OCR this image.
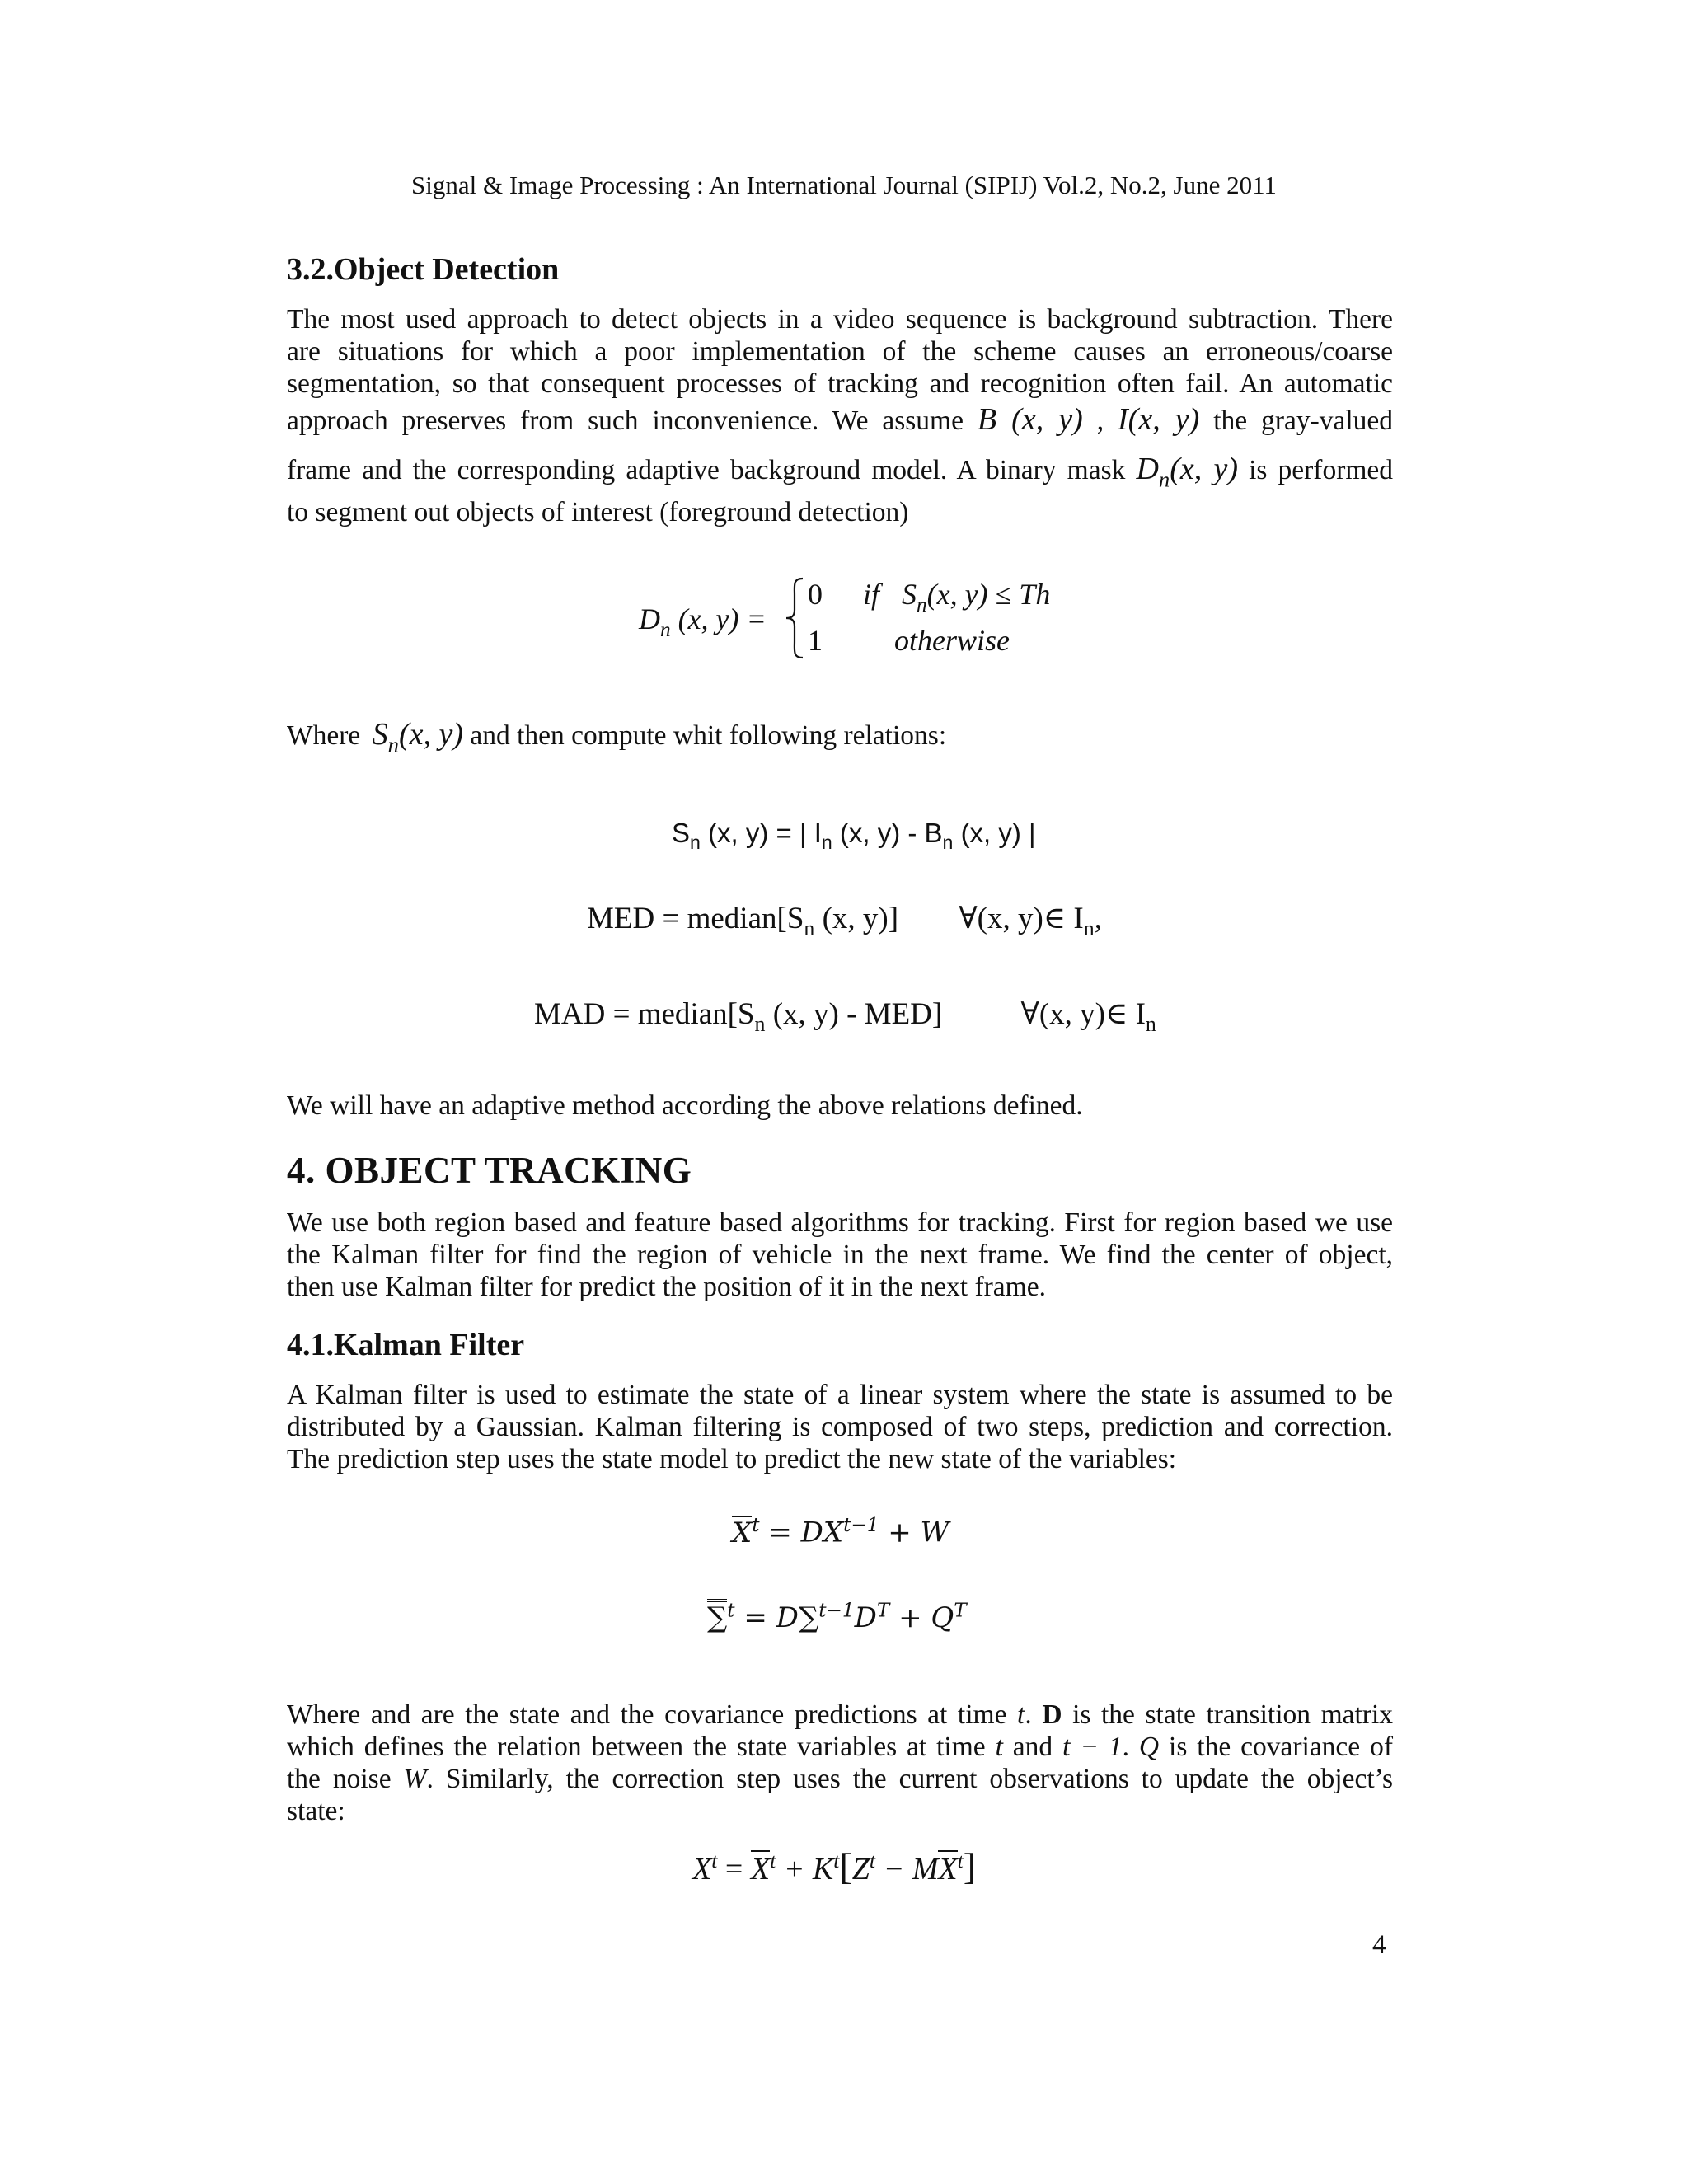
Signal & Image Processing : An International Journal (SIPIJ) Vol.2, No.2, June 2011
3.2.Object Detection
The most used approach to detect objects in a video sequence is background subtraction. There
are situations for which a poor implementation of the scheme causes an erroneous/coarse
segmentation, so that consequent processes of tracking and recognition often fail. An automatic
approach preserves from such inconvenience. We assume B (x, y) , I(x, y) the gray-valued
frame and the corresponding adaptive background model. A binary mask $D_n(x$, y) is performed
to segment out objects of interest (foreground detection)
$D_n$ (x, y) =
0 if $S_n(x$, y) ≤ Th
1 otherwise
Where $S_n(x$, y) and then compute whit following relations:
$S_n$ (x, y) = | $I_n$ (x, $y) - B_n$ (x, y) |
MED = $median[S_n$ (x, y)] ∀(x, y)∈ $I_n$,
MAD = $median[S_n$ (x, y) - MED]	∀(x, y)∈ $I_n$
We will have an adaptive method according the above relations defined.
4. OBJECT TRACKING
We use both region based and feature based algorithms for tracking. First for region based we use
the Kalman filter for find the region of vehicle in the next frame. We find the center of object,
then use Kalman filter for predict the position of it in the next frame.
4.1.Kalman Filter
A Kalman filter is used to estimate the state of a linear system where the state is assumed to be
distributed by a Gaussian. Kalman filtering is composed of two steps, prediction and correction.
The prediction step uses the state model to predict the new state of the variables:
$X^t = DX^{t-1} + W$
$\sum^t = D\sum^{t-1}D^T + Q^T$
Where and are the state and the covariance predictions at time t. D is the state transition matrix
which defines the relation between the state variables at time t and t − 1. Q is the covariance of
the noise W. Similarly, the correction step uses the current observations to update the object’s
state:
$X^t = X^t + K^t[Z^t - MX^t]$
4
